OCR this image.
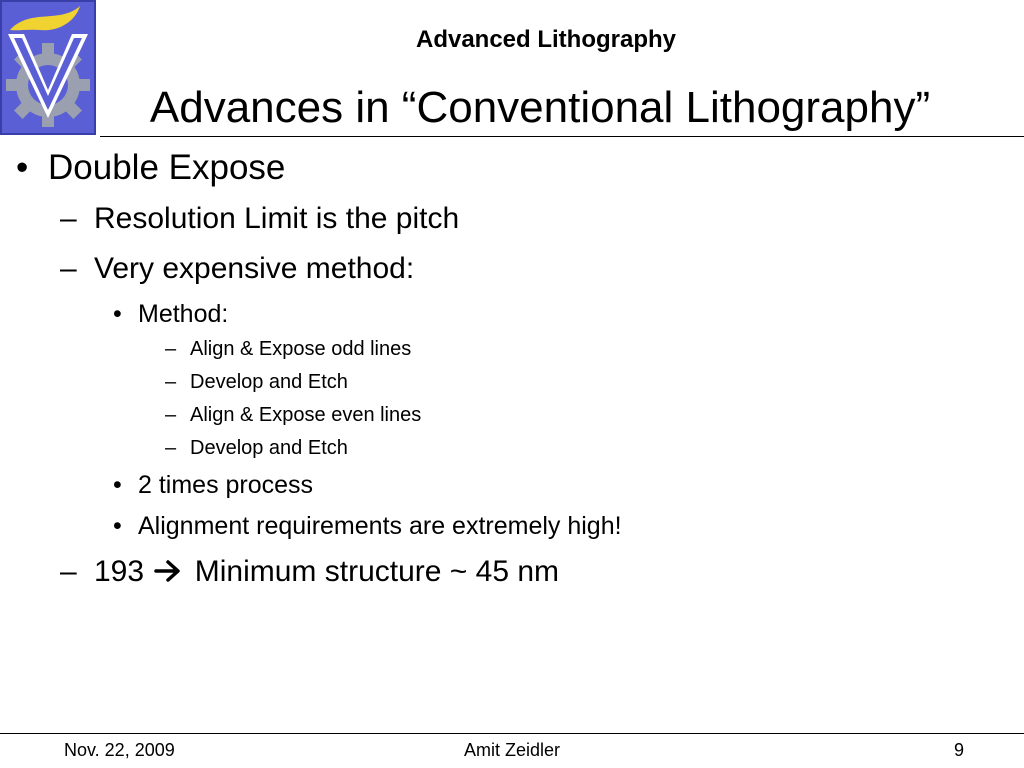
Advanced Lithography
Advances in “Conventional Lithography”
• Double Expose
– Resolution Limit is the pitch
– Very expensive method:
• Method:
– Align & Expose odd lines
– Develop and Etch
– Align & Expose even lines
– Develop and Etch
• 2 times process
• Alignment requirements are extremely high!
– 193 Minimum structure ~ 45 nm
Nov. 22, 2009	Amit Zeidler	9
